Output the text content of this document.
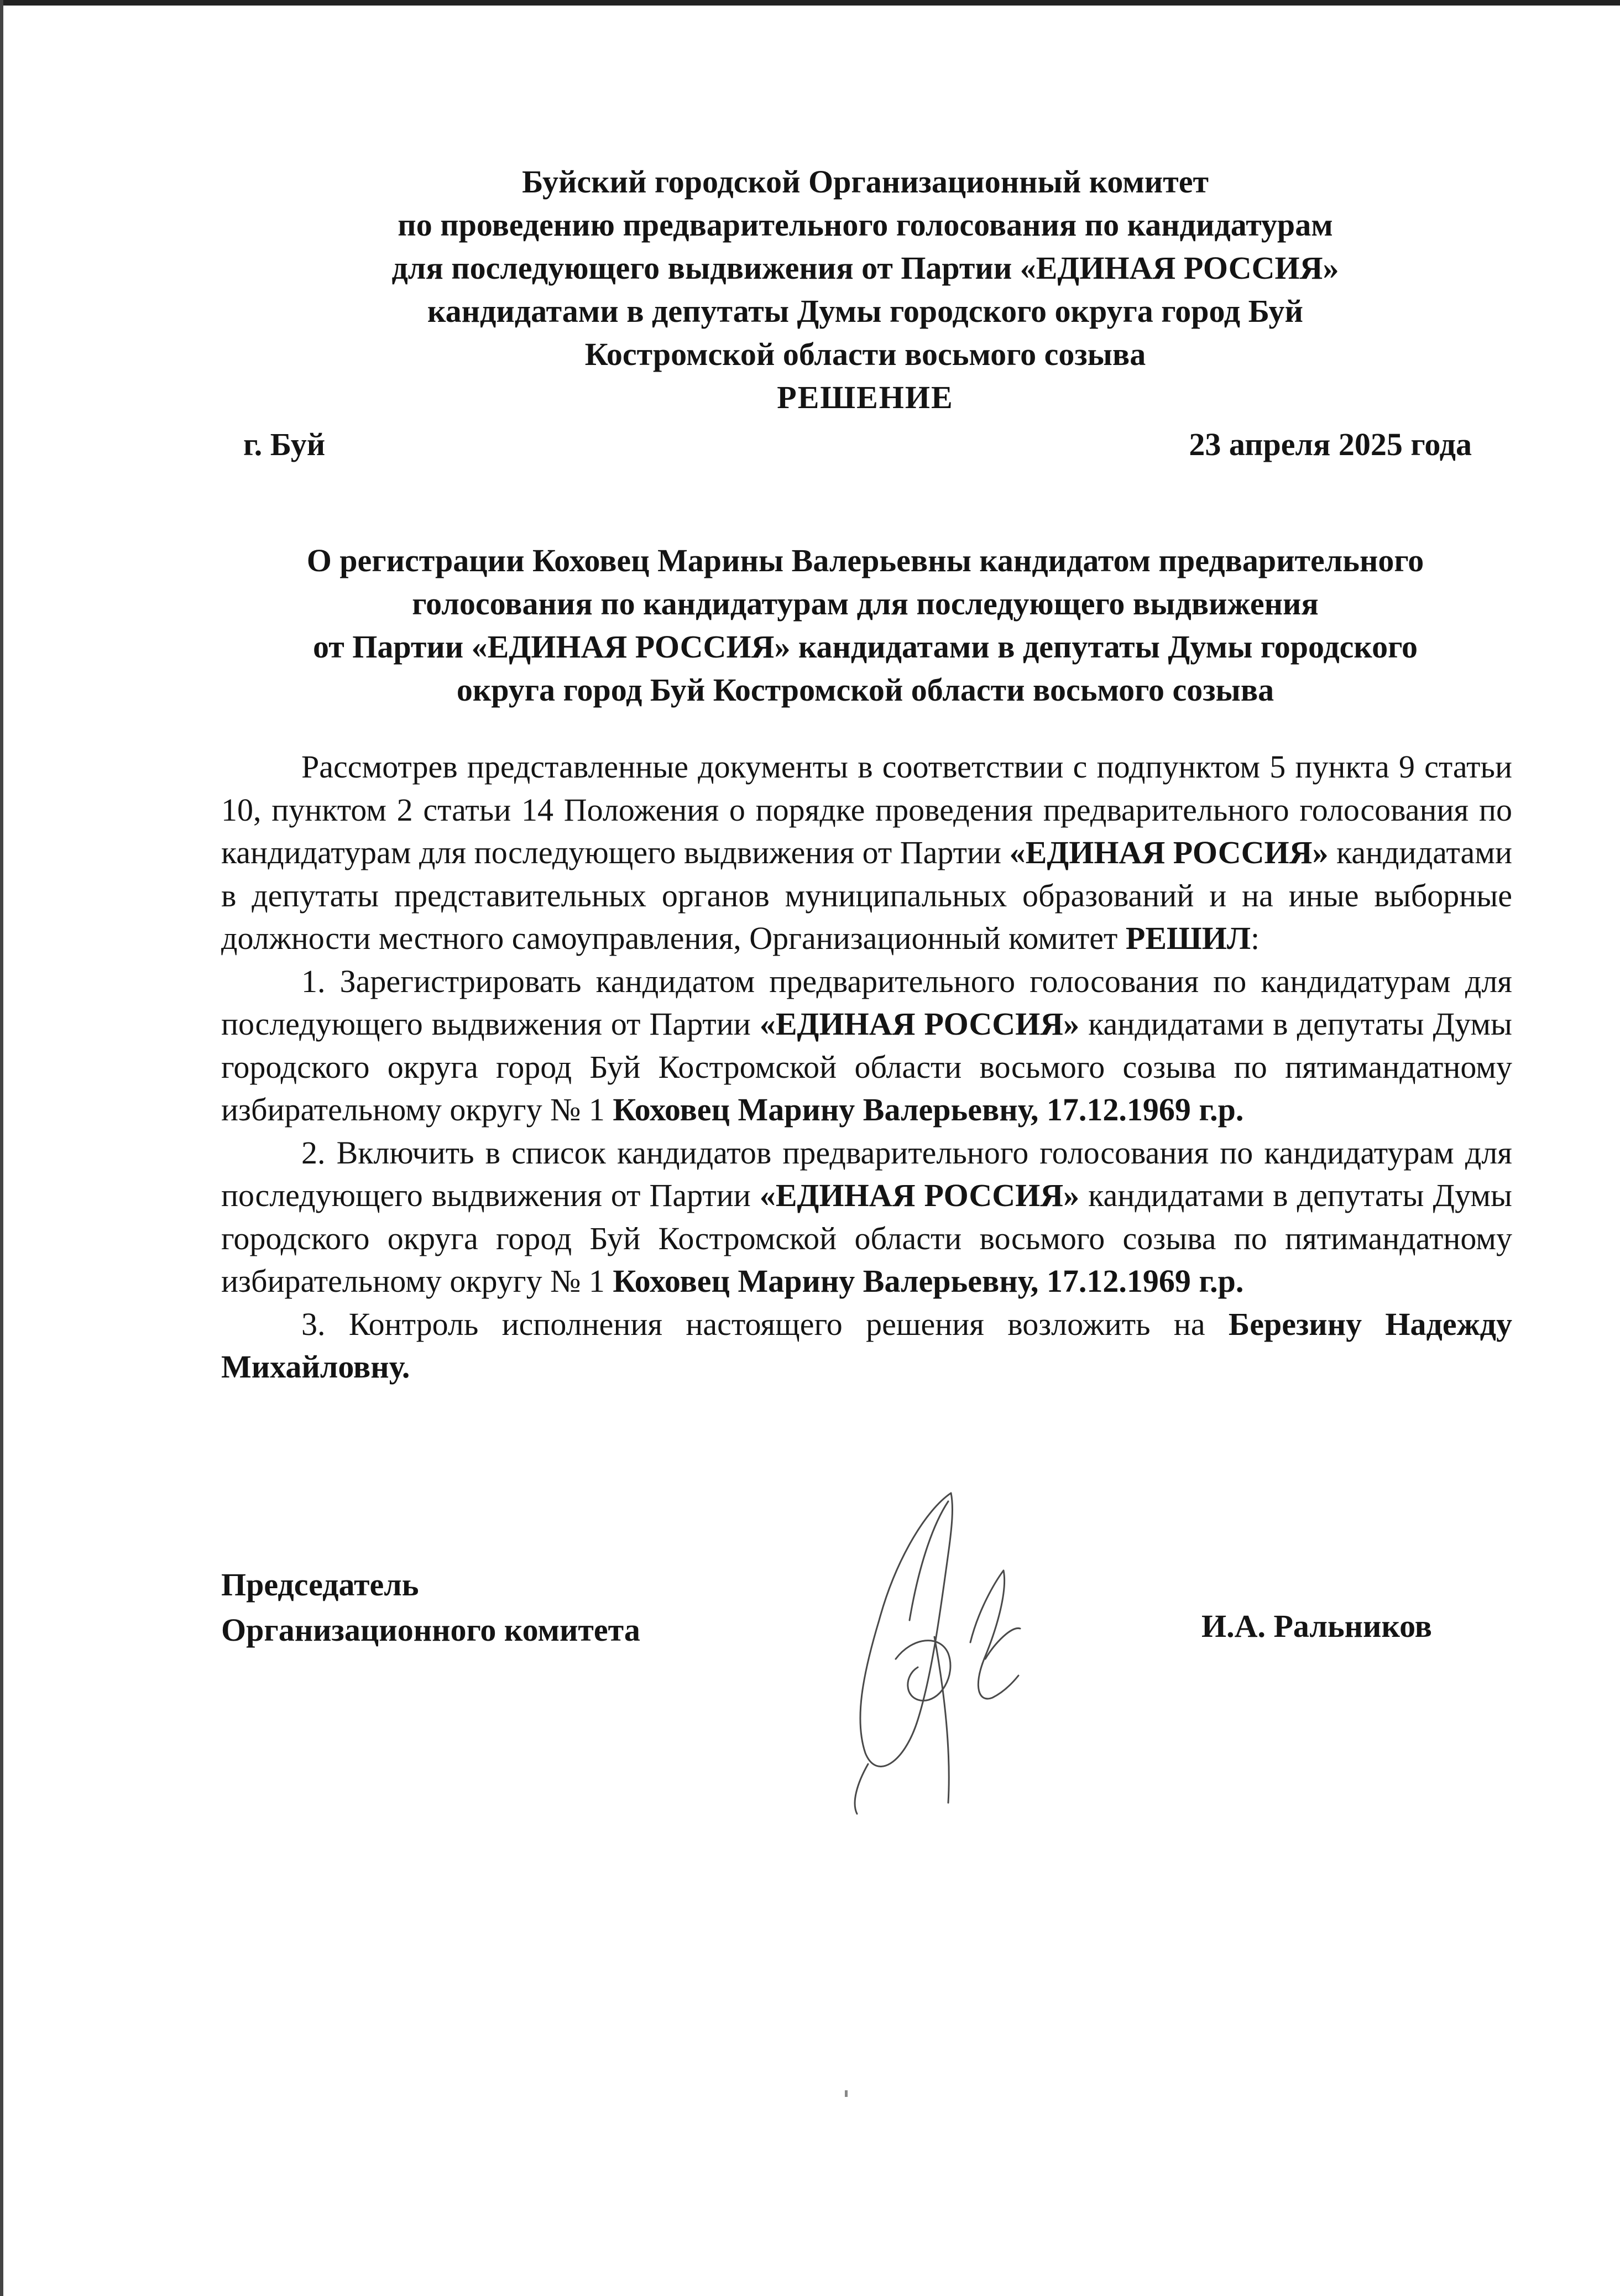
Буйский городской Организационный комитет
по проведению предварительного голосования по кандидатурам
для последующего выдвижения от Партии «ЕДИНАЯ РОССИЯ»
кандидатами в депутаты Думы городского округа город Буй
Костромской области восьмого созыва
РЕШЕНИЕ
г. Буй	23 апреля 2025 года
О регистрации Коховец Марины Валерьевны кандидатом предварительного
голосования по кандидатурам для последующего выдвижения
от Партии «ЕДИНАЯ РОССИЯ» кандидатами в депутаты Думы городского
округа город Буй Костромской области восьмого созыва

Рассмотрев представленные документы в соответствии с подпунктом 5 пункта 9 статьи 10, пунктом 2 статьи 14 Положения о порядке проведения предварительного голосования по кандидатурам для последующего выдвижения от Партии «ЕДИНАЯ РОССИЯ» кандидатами в депутаты представительных органов муниципальных образований и на иные выборные должности местного самоуправления, Организационный комитет РЕШИЛ:

1. Зарегистрировать кандидатом предварительного голосования по кандидатурам для последующего выдвижения от Партии «ЕДИНАЯ РОССИЯ» кандидатами в депутаты Думы городского округа город Буй Костромской области восьмого созыва по пятимандатному избирательному округу № 1 Коховец Марину Валерьевну, 17.12.1969 г.р.

2. Включить в список кандидатов предварительного голосования по кандидатурам для последующего выдвижения от Партии «ЕДИНАЯ РОССИЯ» кандидатами в депутаты Думы городского округа город Буй Костромской области восьмого созыва по пятимандатному избирательному округу № 1 Коховец Марину Валерьевну, 17.12.1969 г.р.

3. Контроль исполнения настоящего решения возложить на Березину Надежду Михайловну.

Председатель
Организационного комитета	И.А. Ральников
